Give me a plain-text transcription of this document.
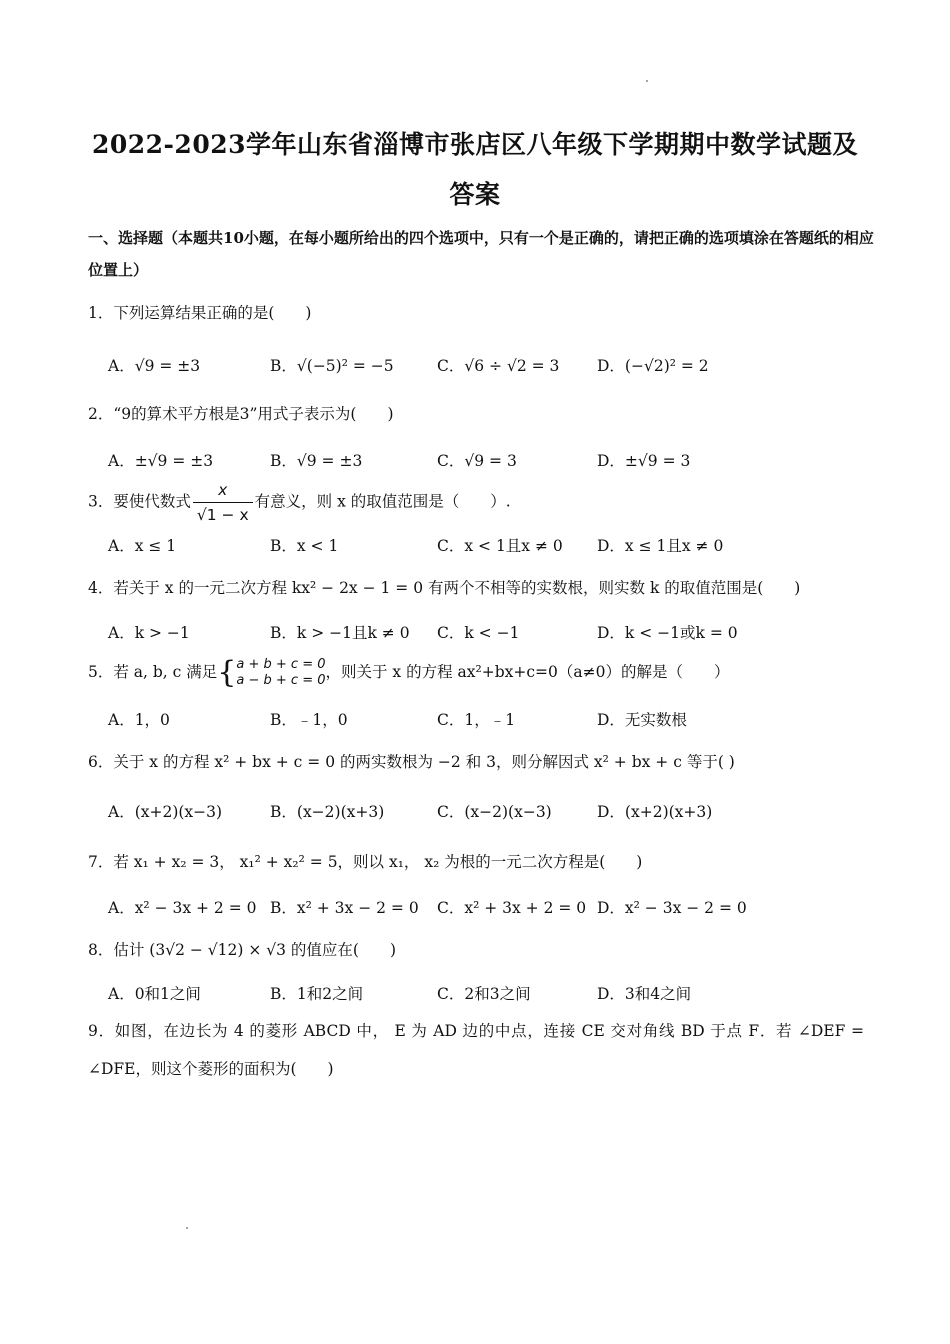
2022-2023学年山东省淄博市张店区八年级下学期期中数学试题及答案
一、选择题（本题共10小题，在每小题所给出的四个选项中，只有一个是正确的，请把正确的选项填涂在答题纸的相应位置上）
1．下列运算结果正确的是(　　)
A．√9 = ±3	B．√(−5)² = −5	C．√6 ÷ √2 = 3 D．(−√2)² = 2
2．“9的算术平方根是3”用式子表示为(　　)
A．±√9 = ±3	B．√9 = ±3	C．√9 = 3	D．±√9 = 3
3．要使代数式 $\frac{x}{√1 - x}$ 有意义，则 x 的取值范围是（　　）.
A．x ≤ 1	B．x < 1	C．x < 1且x ≠ 0 D．x ≤ 1且x ≠ 0
4．若关于 x 的一元二次方程 kx² − 2x − 1 = 0 有两个不相等的实数根，则实数 k 的取值范围是(　　)
A．k > −1	B．k > −1且k ≠ 0 C．k < −1	D．k < −1或k = 0
5．若 a, b, c 满足{ a + b + c = 0
a − b + c = 0 ，则关于 x 的方程 ax²+bx+c=0（a≠0）的解是（　　）
A．1，0	B．﹣1，0	C．1，﹣1	D．无实数根
6．关于 x 的方程 x² + bx + c = 0 的两实数根为 −2 和 3，则分解因式 x² + bx + c 等于( )
A．(x+2)(x−3)	B．(x−2)(x+3)	C．(x−2)(x−3)	D．(x+2)(x+3)
7．若 x₁ + x₂ = 3， x₁² + x₂² = 5，则以 x₁， x₂ 为根的一元二次方程是(　　)
A．x² − 3x + 2 = 0 B．x² + 3x − 2 = 0 C．x² + 3x + 2 = 0 D．x² − 3x − 2 = 0
8．估计 (3√2 − √12) × √3 的值应在(　　)
A．0和1之间	B．1和2之间	C．2和3之间	D．3和4之间
9．如图，在边长为 4 的菱形 ABCD 中， E 为 AD 边的中点，连接 CE 交对角线 BD 于点 F．若 ∠DEF = ∠DFE，则这个菱形的面积为(　　)
